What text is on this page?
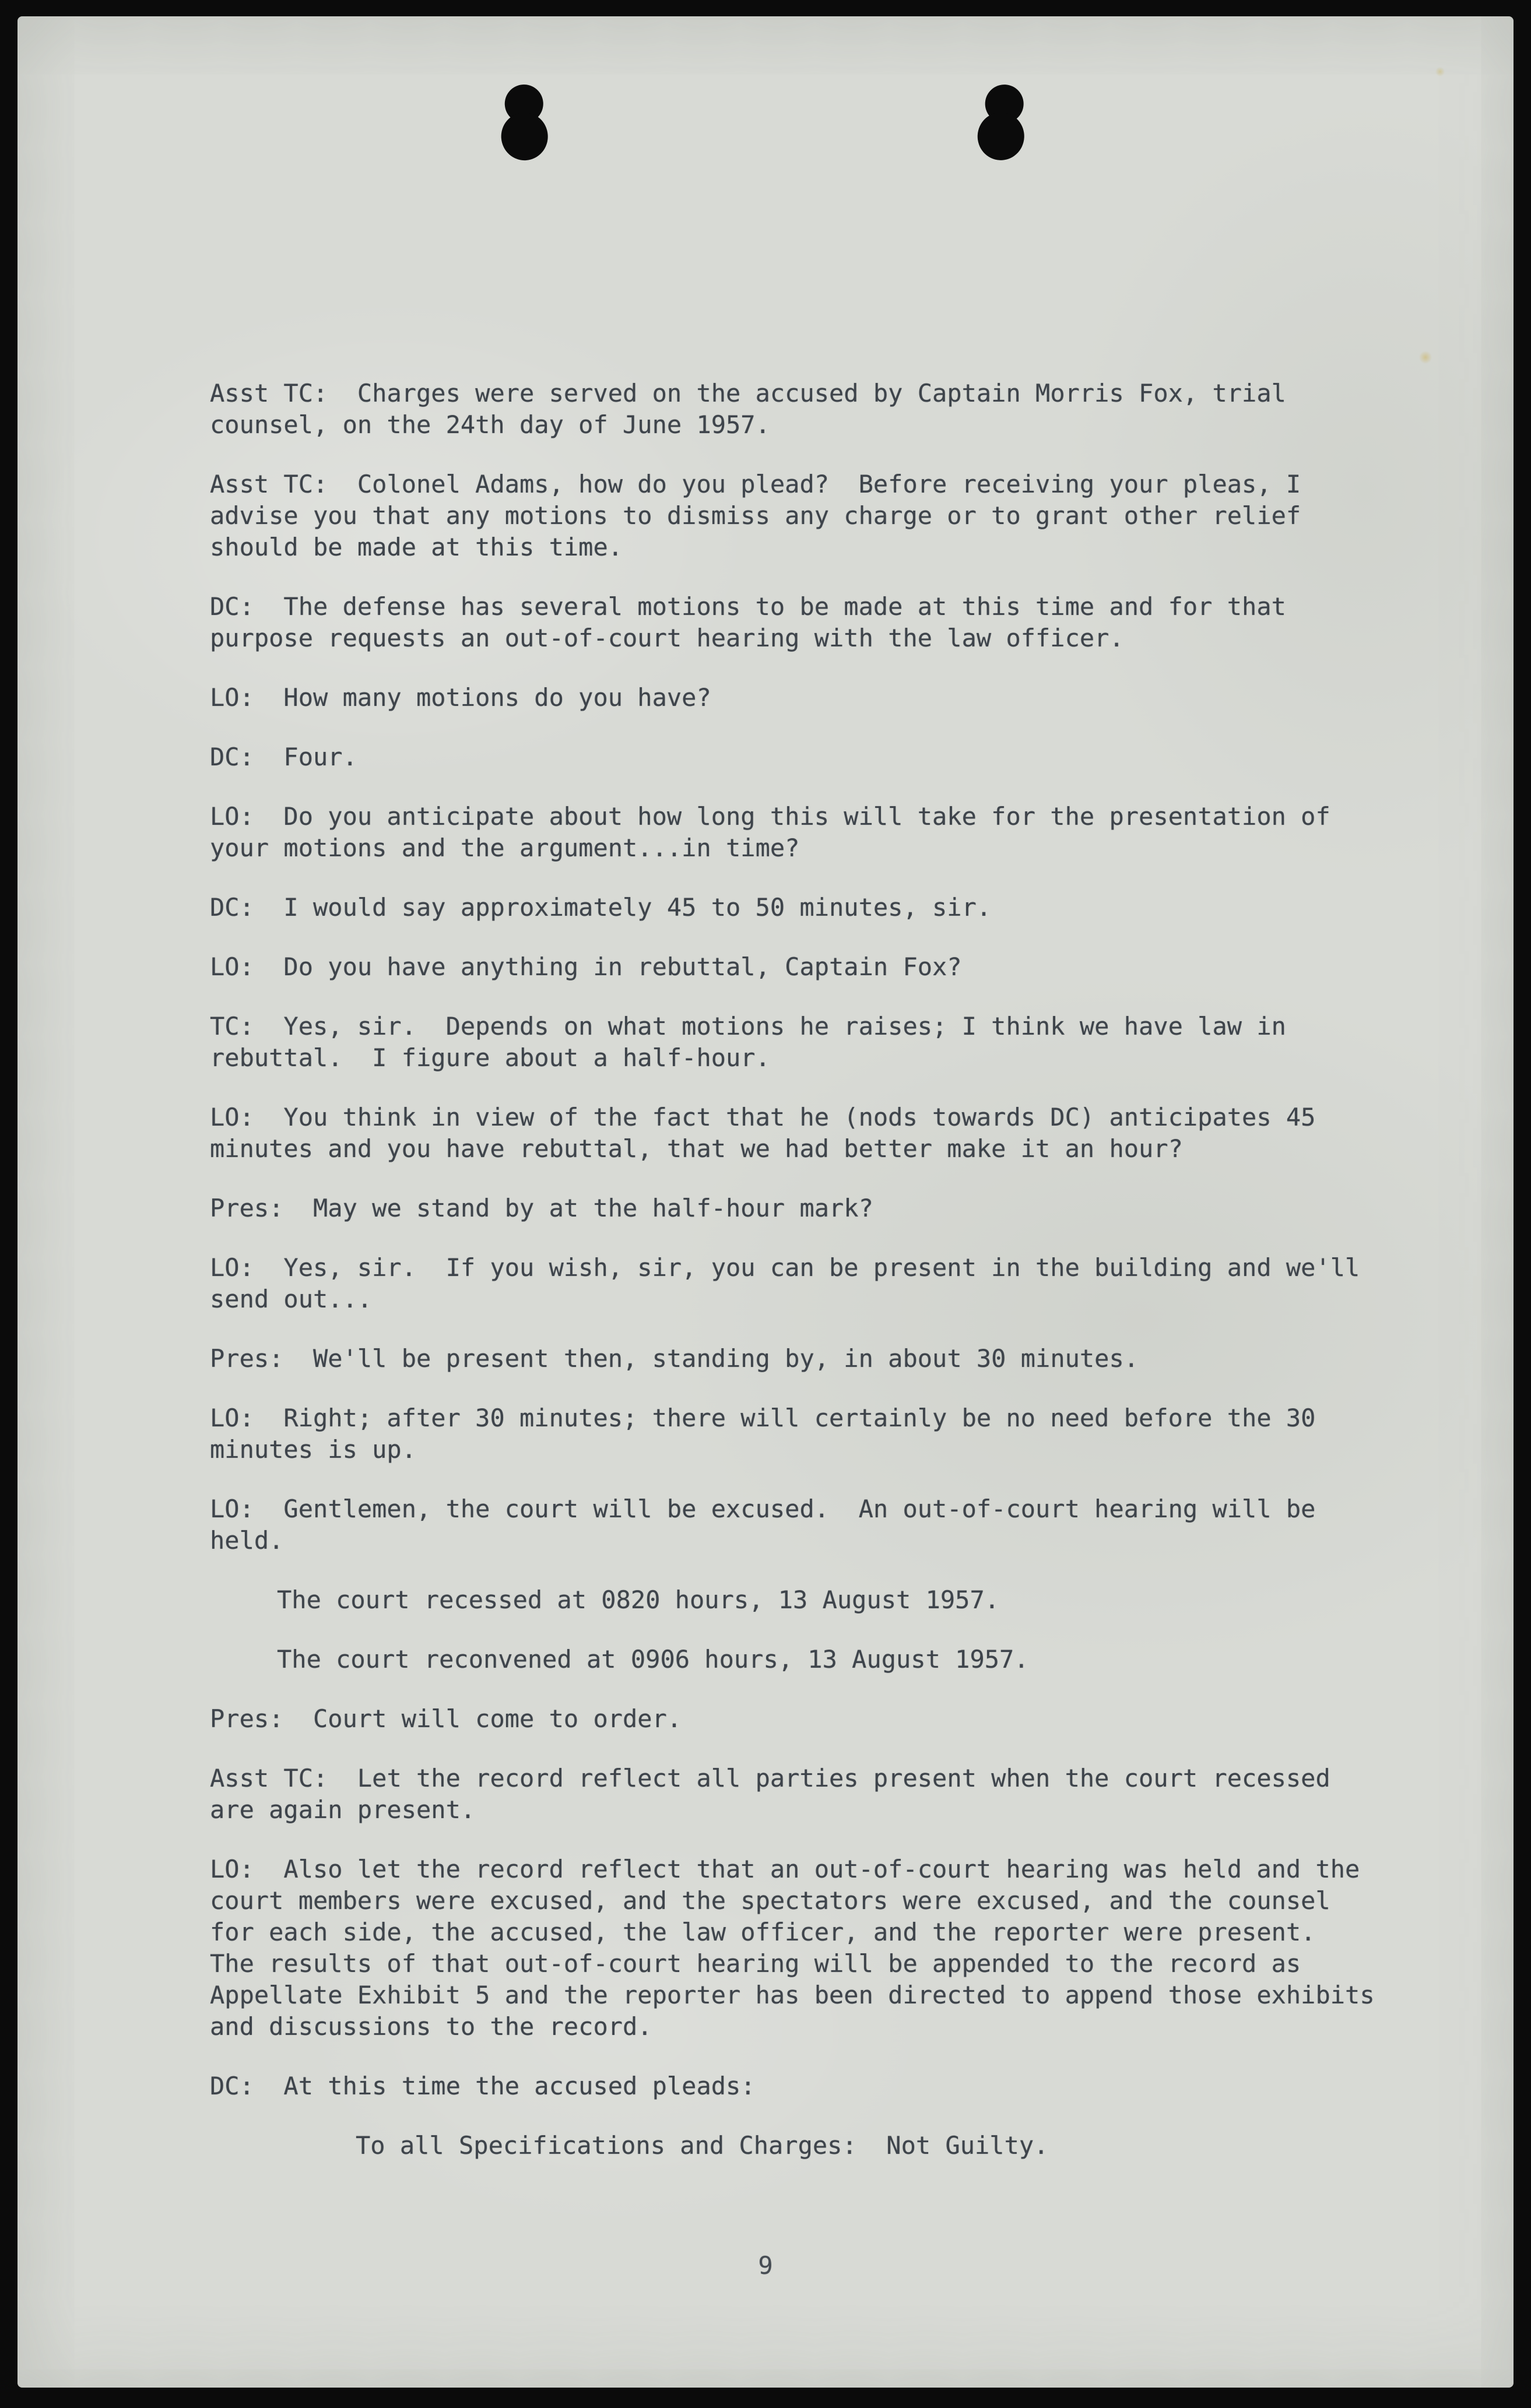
Asst TC:  Charges were served on the accused by Captain Morris Fox, trial counsel, on the 24th day of June 1957.

Asst TC:  Colonel Adams, how do you plead?  Before receiving your pleas, I advise you that any motions to dismiss any charge or to grant other relief should be made at this time.

DC:  The defense has several motions to be made at this time and for that purpose requests an out-of-court hearing with the law officer.

LO:  How many motions do you have?

DC:  Four.

LO:  Do you anticipate about how long this will take for the presentation of your motions and the argument...in time?

DC:  I would say approximately 45 to 50 minutes, sir.

LO:  Do you have anything in rebuttal, Captain Fox?

TC:  Yes, sir.  Depends on what motions he raises; I think we have law in rebuttal.  I figure about a half-hour.

LO:  You think in view of the fact that he (nods towards DC) anticipates 45 minutes and you have rebuttal, that we had better make it an hour?

Pres:  May we stand by at the half-hour mark?

LO:  Yes, sir.  If you wish, sir, you can be present in the building and we'll send out...

Pres:  We'll be present then, standing by, in about 30 minutes.

LO:  Right; after 30 minutes; there will certainly be no need before the 30 minutes is up.

LO:  Gentlemen, the court will be excused.  An out-of-court hearing will be held.

The court recessed at 0820 hours, 13 August 1957.

The court reconvened at 0906 hours, 13 August 1957.

Pres:  Court will come to order.

Asst TC:  Let the record reflect all parties present when the court recessed are again present.

LO:  Also let the record reflect that an out-of-court hearing was held and the court members were excused, and the spectators were excused, and the counsel for each side, the accused, the law officer, and the reporter were present.  The results of that out-of-court hearing will be appended to the record as Appellate Exhibit 5 and the reporter has been directed to append those exhibits and discussions to the record.

DC:  At this time the accused pleads:

To all Specifications and Charges:  Not Guilty.

9
